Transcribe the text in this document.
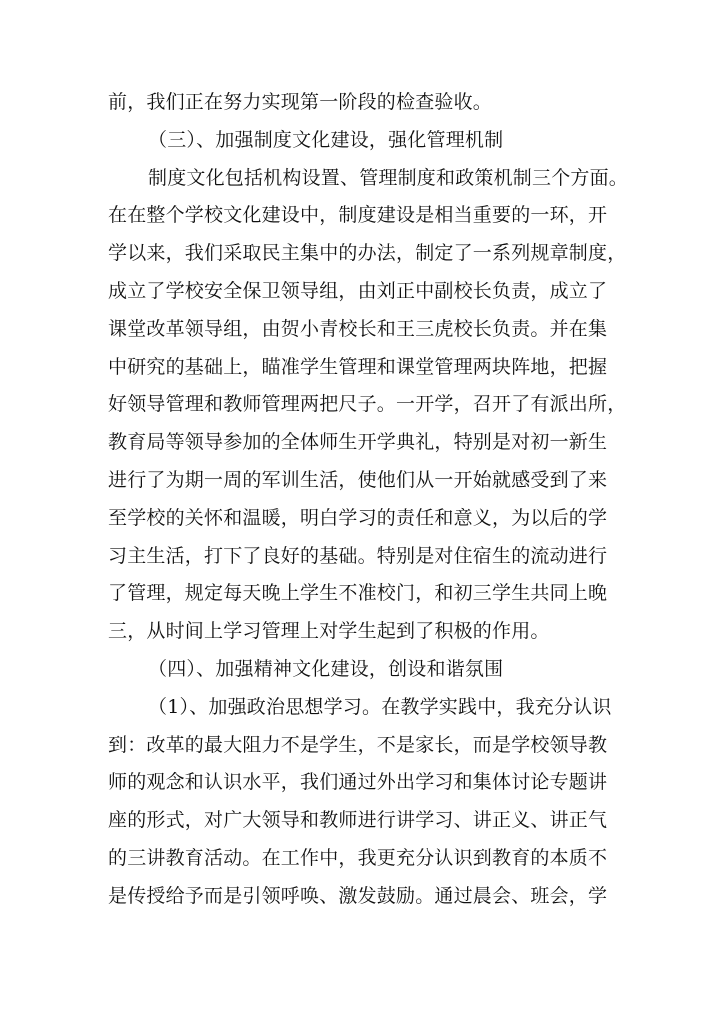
前，我们正在努力实现第一阶段的检查验收。
（三）、加强制度文化建设，强化管理机制
制度文化包括机构设置、管理制度和政策机制三个方面。
在在整个学校文化建设中，制度建设是相当重要的一环，开
学以来，我们采取民主集中的办法，制定了一系列规章制度，
成立了学校安全保卫领导组，由刘正中副校长负责，成立了
课堂改革领导组，由贺小青校长和王三虎校长负责。并在集
中研究的基础上，瞄准学生管理和课堂管理两块阵地，把握
好领导管理和教师管理两把尺子。一开学，召开了有派出所，
教育局等领导参加的全体师生开学典礼，特别是对初一新生
进行了为期一周的军训生活，使他们从一开始就感受到了来
至学校的关怀和温暖，明白学习的责任和意义，为以后的学
习主生活，打下了良好的基础。特别是对住宿生的流动进行
了管理，规定每天晚上学生不准校门，和初三学生共同上晚
三，从时间上学习管理上对学生起到了积极的作用。
（四）、加强精神文化建设，创设和谐氛围
（1）、加强政治思想学习。在教学实践中，我充分认识
到：改革的最大阻力不是学生，不是家长，而是学校领导教
师的观念和认识水平，我们通过外出学习和集体讨论专题讲
座的形式，对广大领导和教师进行讲学习、讲正义、讲正气
的三讲教育活动。在工作中，我更充分认识到教育的本质不
是传授给予而是引领呼唤、激发鼓励。通过晨会、班会，学
